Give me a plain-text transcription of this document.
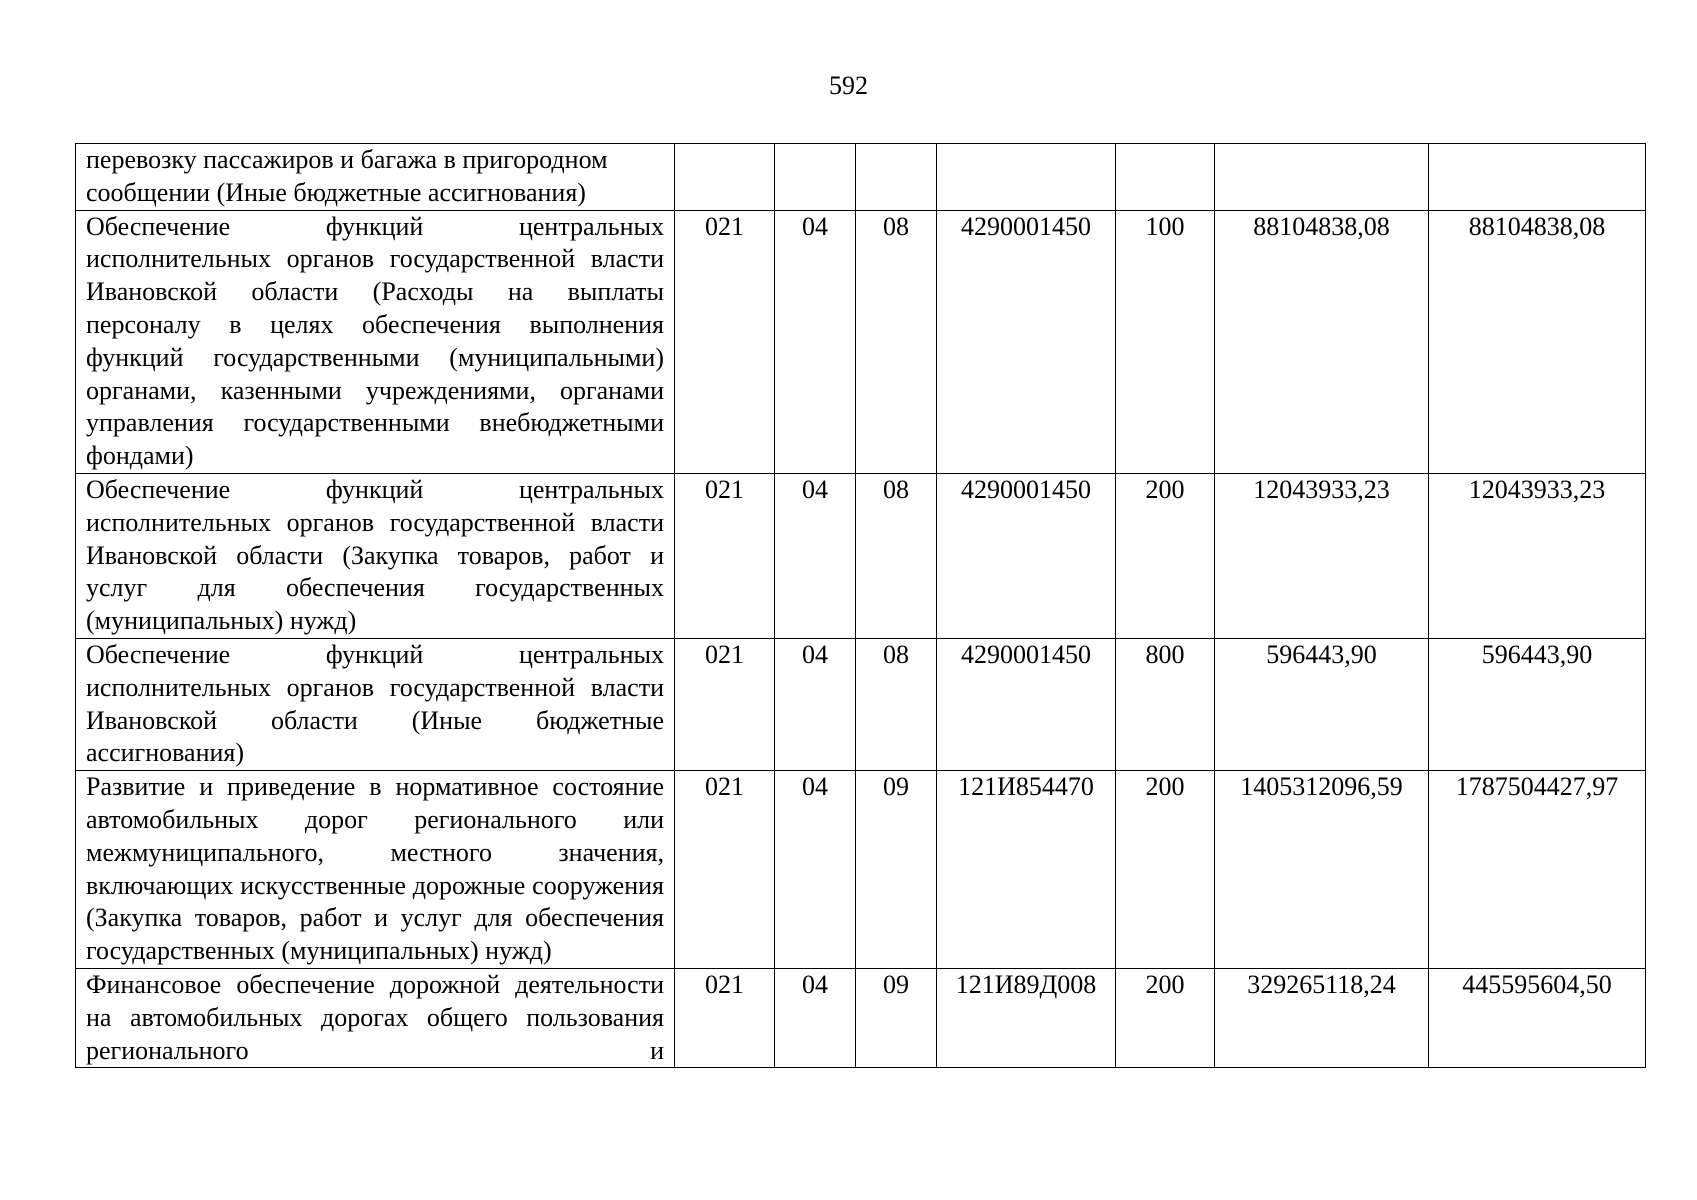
592
перевозку пассажиров и багажа в пригородном сообщении (Иные бюджетные ассигнования)							
Обеспечение функций центральных исполнительных органов государственной власти Ивановской области (Расходы на выплаты персоналу в целях обеспечения выполнения функций государственными (муниципальными) органами, казенными учреждениями, органами управления государственными внебюджетными фондами)	021	04	08	4290001450	100	88104838,08	88104838,08
Обеспечение функций центральных исполнительных органов государственной власти Ивановской области (Закупка товаров, работ и услуг для обеспечения государственных (муниципальных) нужд)	021	04	08	4290001450	200	12043933,23	12043933,23
Обеспечение функций центральных исполнительных органов государственной власти Ивановской области (Иные бюджетные ассигнования)	021	04	08	4290001450	800	596443,90	596443,90
Развитие и приведение в нормативное состояние автомобильных дорог регионального или межмуниципального, местного значения, включающих искусственные дорожные сооружения (Закупка товаров, работ и услуг для обеспечения государственных (муниципальных) нужд)	021	04	09	121И854470	200	1405312096,59	1787504427,97
Финансовое обеспечение дорожной деятельности на автомобильных дорогах общего пользования регионального и	021	04	09	121И89Д008	200	329265118,24	445595604,50
